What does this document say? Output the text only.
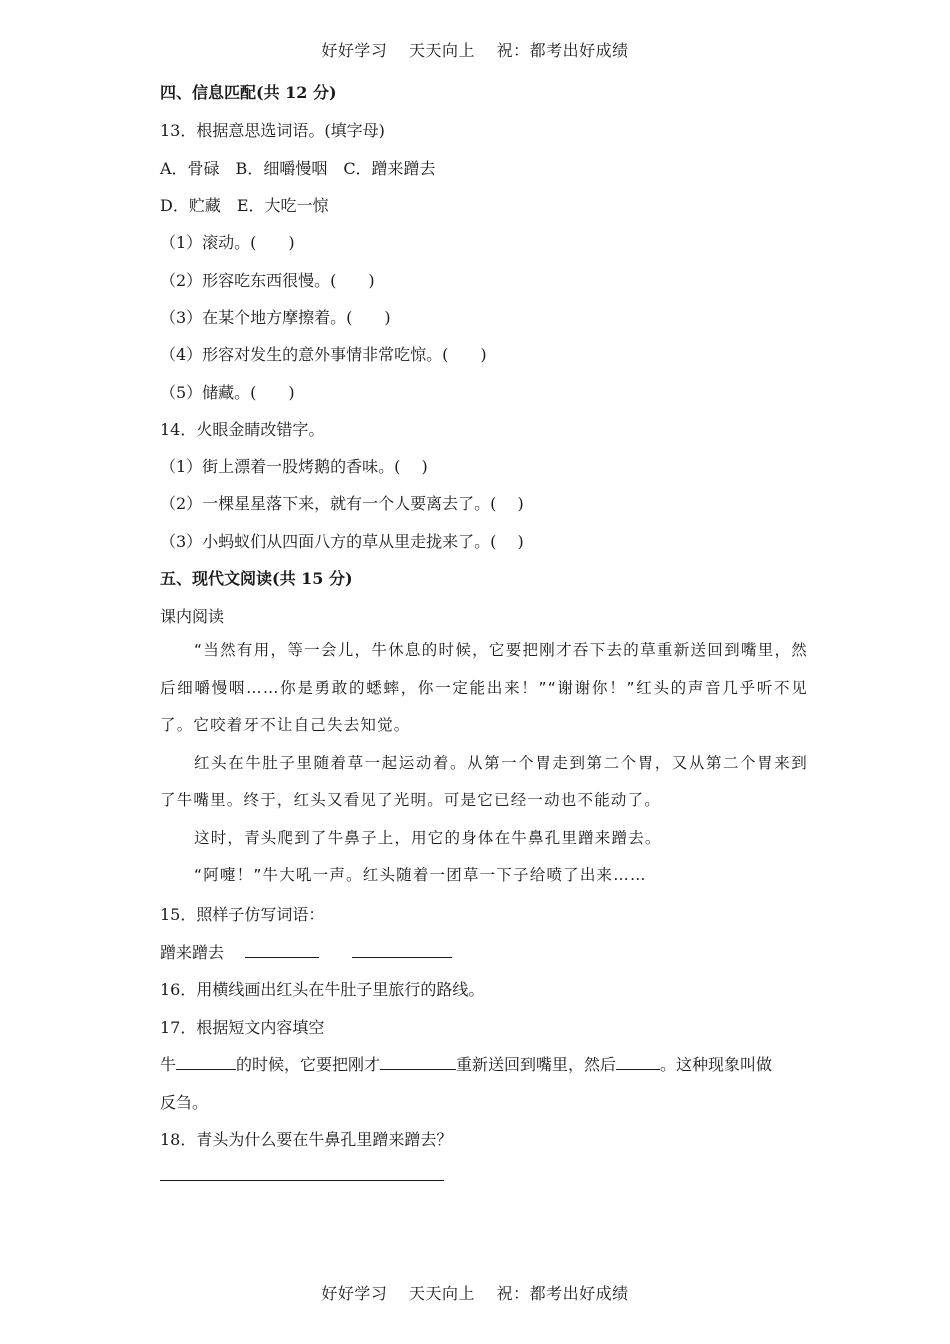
好好学习 天天向上 祝：都考出好成绩
四、信息匹配(共 12 分)
13．根据意思选词语。(填字母)
A．骨碌　B．细嚼慢咽　C．蹭来蹭去
D．贮藏　E．大吃一惊
（1）滚动。(　　)
（2）形容吃东西很慢。(　　)
（3）在某个地方摩擦着。(　　)
（4）形容对发生的意外事情非常吃惊。(　　)
（5）储藏。(　　)
14．火眼金睛改错字。
（1）街上漂着一股烤鹅的香味。(　 )
（2）一棵星星落下来，就有一个人要离去了。(　 )
（3）小蚂蚁们从四面八方的草从里走拢来了。(　 )
五、现代文阅读(共 15 分)
课内阅读

“当然有用，等一会儿，牛休息的时候，它要把刚才吞下去的草重新送回到嘴里，然后细嚼慢咽……你是勇敢的蟋蟀，你一定能出来！”“谢谢你！”红头的声音几乎听不见了。它咬着牙不让自己失去知觉。

红头在牛肚子里随着草一起运动着。从第一个胃走到第二个胃，又从第二个胃来到了牛嘴里。终于，红头又看见了光明。可是它已经一动也不能动了。

这时，青头爬到了牛鼻子上，用它的身体在牛鼻孔里蹭来蹭去。

“阿嚏！”牛大吼一声。红头随着一团草一下子给喷了出来……

15．照样子仿写词语：
蹭来蹭去
16．用横线画出红头在牛肚子里旅行的路线。
17．根据短文内容填空
牛	的时候，它要把刚才	重新送回到嘴里，然后	。这种现象叫做
反刍。
18．青头为什么要在牛鼻孔里蹭来蹭去？
好好学习 天天向上 祝：都考出好成绩
